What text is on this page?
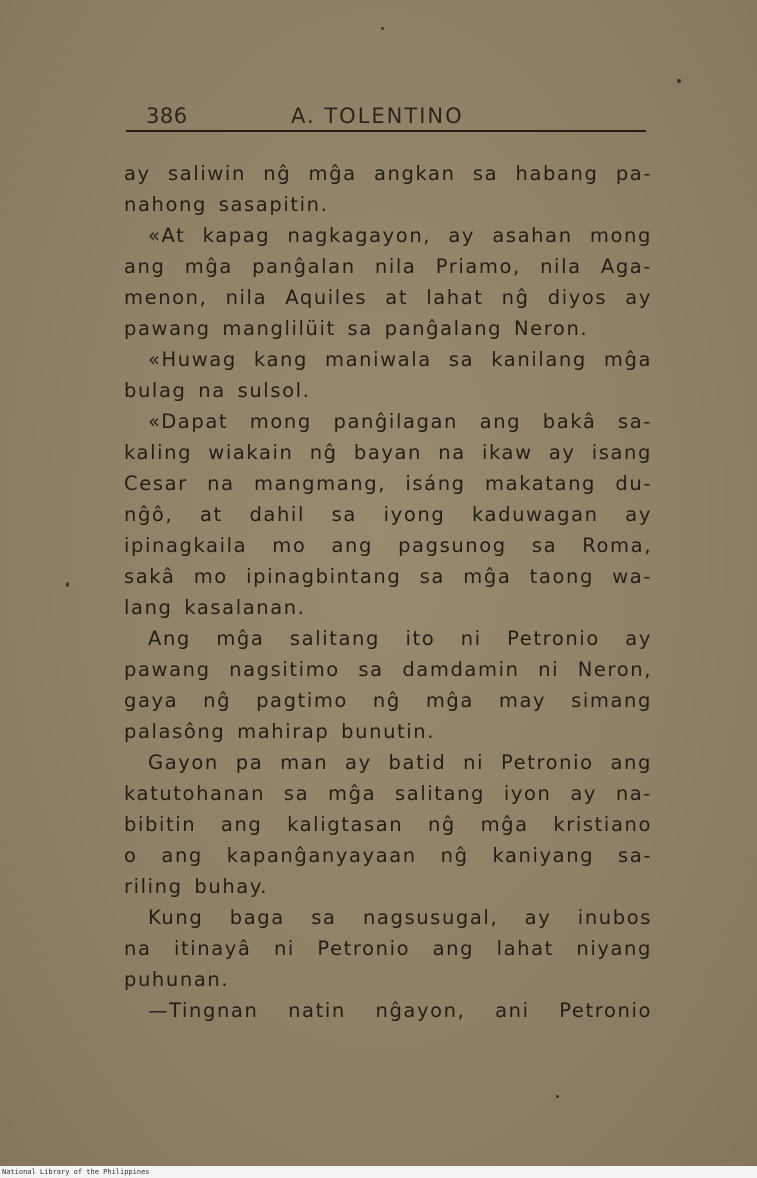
386	A. TOLENTINO
ay saliwin nĝ mĝa angkan sa habang pa-
nahong sasapitin.
«At kapag nagkagayon, ay asahan mong
ang mĝa panĝalan nila Priamo, nila Aga-
menon, nila Aquiles at lahat nĝ diyos ay
pawang manglilüit sa panĝalang Neron.
«Huwag kang maniwala sa kanilang mĝa
bulag na sulsol.
«Dapat mong panĝilagan ang bakâ sa-
kaling wiakain nĝ bayan na ikaw ay isang
Cesar na mangmang, isáng makatang du-
nĝô, at dahil sa iyong kaduwagan ay
ipinagkaila mo ang pagsunog sa Roma,
sakâ mo ipinagbintang sa mĝa taong wa-
lang kasalanan.
Ang mĝa salitang ito ni Petronio ay
pawang nagsitimo sa damdamin ni Neron,
gaya nĝ pagtimo nĝ mĝa may simang
palasông mahirap bunutin.
Gayon pa man ay batid ni Petronio ang
katutohanan sa mĝa salitang iyon ay na-
bibitin ang kaligtasan nĝ mĝa kristiano
o ang kapanĝanyayaan nĝ kaniyang sa-
riling buhay.
Kung baga sa nagsusugal, ay inubos
na itinayâ ni Petronio ang lahat niyang
puhunan.
—Tingnan natin nĝayon, ani Petronio
National Library of the Philippines
